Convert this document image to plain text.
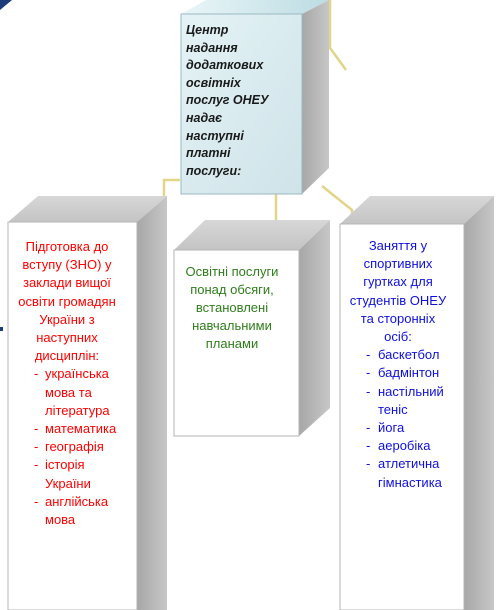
Центр
надання
додаткових
освітніх
послуг ОНЕУ
надає
наступні
платні
послуги:
Підготовка до вступу (ЗНО) у заклади вищої освіти громадян України з наступних дисциплін:
- українська мова та література
- математика
- географія
- історія України
- англійська мова
Освітні послуги понад обсяги, встановлені навчальними планами
Заняття у спортивних гуртках для студентів ОНЕУ та сторонніх осіб:
- баскетбол
- бадмінтон
- настільний теніс
- йога
- аеробіка
- атлетична гімнастика
